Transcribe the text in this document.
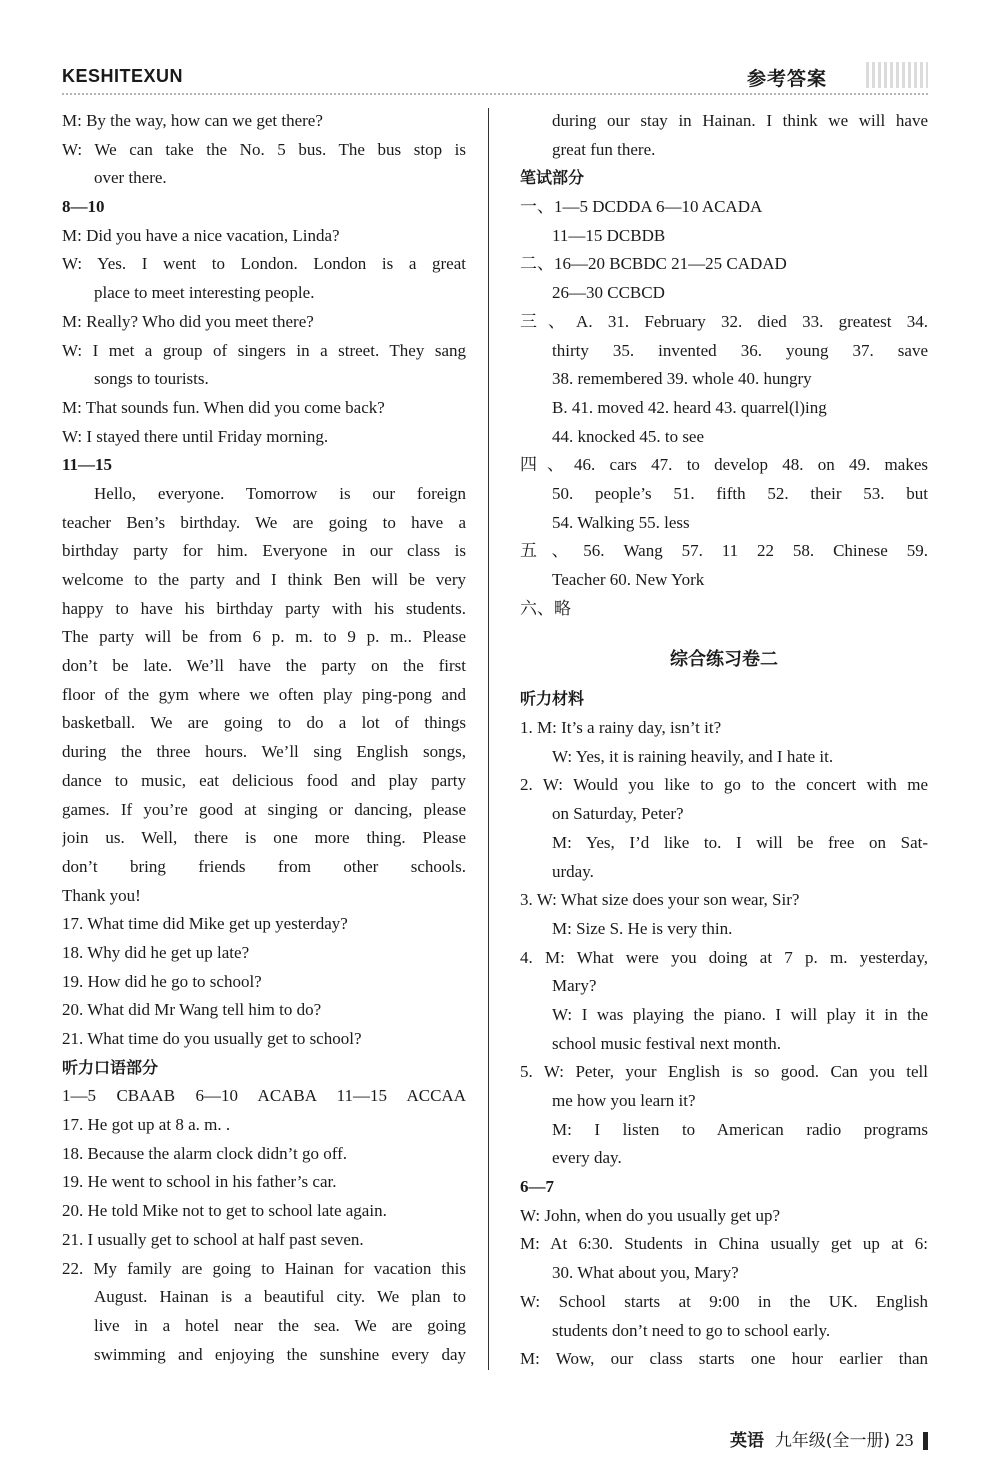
KESHITEXUN	参考答案
M: By the way, how can we get there?
W: We can take the No. 5 bus. The bus stop is
over there.
8—10
M: Did you have a nice vacation, Linda?
W: Yes. I went to London. London is a great
place to meet interesting people.
M: Really? Who did you meet there?
W: I met a group of singers in a street. They sang
songs to tourists.
M: That sounds fun. When did you come back?
W: I stayed there until Friday morning.
11—15
Hello, everyone. Tomorrow is our foreign
teacher Ben’s birthday. We are going to have a
birthday party for him. Everyone in our class is
welcome to the party and I think Ben will be very
happy to have his birthday party with his students.
The party will be from 6 p. m. to 9 p. m.. Please
don’t be late. We’ll have the party on the first
floor of the gym where we often play ping-pong and
basketball. We are going to do a lot of things
during the three hours. We’ll sing English songs,
dance to music, eat delicious food and play party
games. If you’re good at singing or dancing, please
join us. Well, there is one more thing. Please
don’t bring friends from other schools.
Thank you!
17. What time did Mike get up yesterday?
18. Why did he get up late?
19. How did he go to school?
20. What did Mr Wang tell him to do?
21. What time do you usually get to school?
听力口语部分
1—5 CBAAB 6—10 ACABA 11—15 ACCAA
17. He got up at 8 a. m. .
18. Because the alarm clock didn’t go off.
19. He went to school in his father’s car.
20. He told Mike not to get to school late again.
21. I usually get to school at half past seven.
22. My family are going to Hainan for vacation this
August. Hainan is a beautiful city. We plan to
live in a hotel near the sea. We are going
swimming and enjoying the sunshine every day
during our stay in Hainan. I think we will have
great fun there.
笔试部分
一、1—5 DCDDA 6—10 ACADA
11—15 DCBDB
二、16—20 BCBDC 21—25 CADAD
26—30 CCBCD
三、A. 31. February 32. died 33. greatest 34.
thirty 35. invented 36. young 37. save
38. remembered 39. whole 40. hungry
B. 41. moved 42. heard 43. quarrel(l)ing
44. knocked 45. to see
四、46. cars 47. to develop 48. on 49. makes
50. people’s 51. fifth 52. their 53. but
54. Walking 55. less
五、56. Wang 57. 11 22 58. Chinese 59.
Teacher 60. New York
六、略
综合练习卷二
听力材料
1. M: It’s a rainy day, isn’t it?
W: Yes, it is raining heavily, and I hate it.
2. W: Would you like to go to the concert with me
on Saturday, Peter?
M: Yes, I’d like to. I will be free on Sat-
urday.
3. W: What size does your son wear, Sir?
M: Size S. He is very thin.
4. M: What were you doing at 7 p. m. yesterday,
Mary?
W: I was playing the piano. I will play it in the
school music festival next month.
5. W: Peter, your English is so good. Can you tell
me how you learn it?
M: I listen to American radio programs
every day.
6—7
W: John, when do you usually get up?
M: At 6:30. Students in China usually get up at 6:
30. What about you, Mary?
W: School starts at 9:00 in the UK. English
students don’t need to go to school early.
M: Wow, our class starts one hour earlier than
英语 九年级(全一册) 23
